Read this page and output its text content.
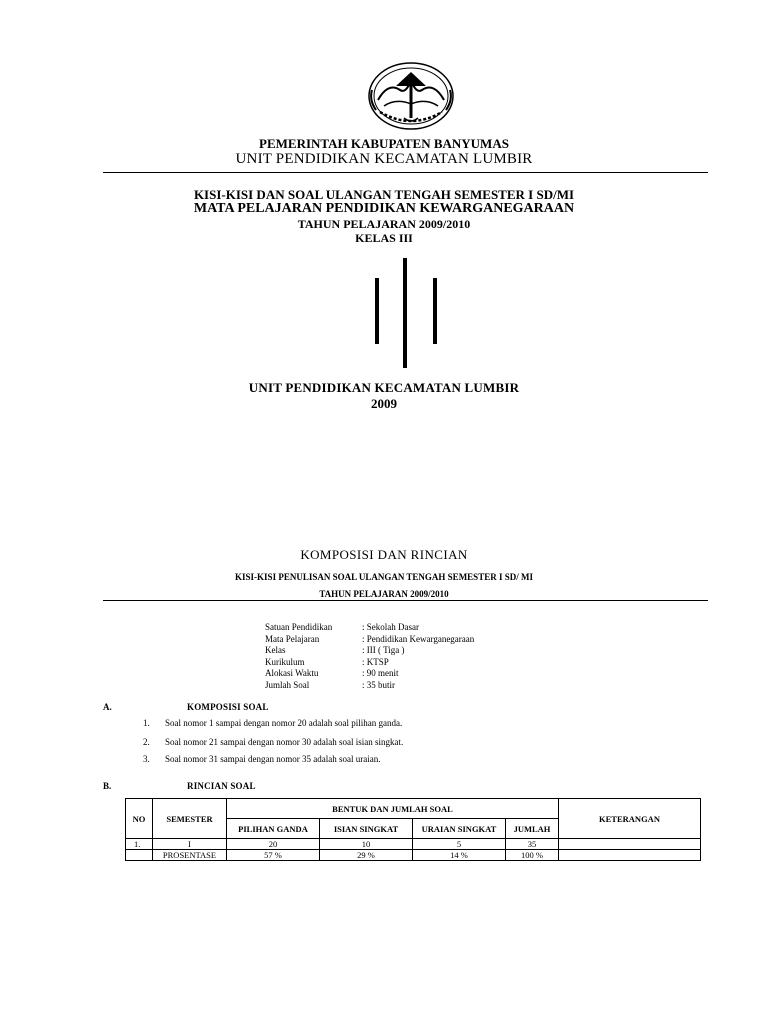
PEMERINTAH KABUPATEN BANYUMAS
UNIT PENDIDIKAN KECAMATAN LUMBIR
KISI-KISI DAN SOAL ULANGAN TENGAH SEMESTER I SD/MI
MATA PELAJARAN PENDIDIKAN KEWARGANEGARAAN
TAHUN PELAJARAN 2009/2010
KELAS III
UNIT PENDIDIKAN KECAMATAN LUMBIR
2009
KOMPOSISI DAN RINCIAN
KISI-KISI PENULISAN SOAL ULANGAN TENGAH SEMESTER I SD/ MI
TAHUN PELAJARAN 2009/2010
Satuan Pendidikan	: Sekolah Dasar
Mata Pelajaran	: Pendidikan Kewarganegaraan
Kelas	: III ( Tiga )
Kurikulum	: KTSP
Alokasi Waktu	: 90 menit
Jumlah Soal	: 35 butir
A.	KOMPOSISI SOAL
1.	Soal nomor 1 sampai dengan nomor 20 adalah soal pilihan ganda.
2.	Soal nomor 21 sampai dengan nomor 30 adalah soal isian singkat.
3.	Soal nomor 31 sampai dengan nomor 35 adalah soal uraian.
B.	RINCIAN SOAL
NO	SEMESTER	BENTUK DAN JUMLAH SOAL				KETERANGAN
		PILIHAN GANDA	ISIAN SINGKAT	URAIAN SINGKAT	JUMLAH	
1.	I	20	10	5	35	
	PROSENTASE	57 %	29 %	14 %	100 %	
